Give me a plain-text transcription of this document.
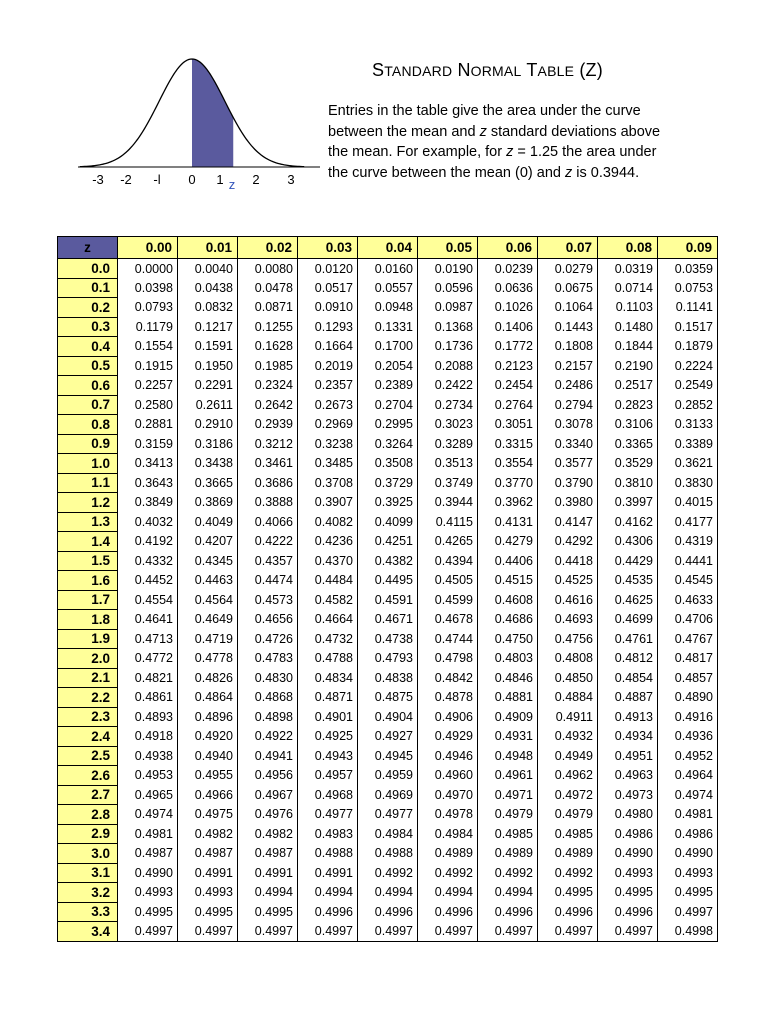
-3 -2 -l 0 1 2 3
z
STANDARD NORMAL TABLE (Z)
Entries in the table give the area under the curve
between the mean and z standard deviations above
the mean. For example, for z = 1.25 the area under
the curve between the mean (0) and z is 0.3944.
z	0.00	0.01	0.02	0.03	0.04	0.05	0.06	0.07	0.08	0.09
0.0	0.0000	0.0040	0.0080	0.0120	0.0160	0.0190	0.0239	0.0279	0.0319	0.0359
0.1	0.0398	0.0438	0.0478	0.0517	0.0557	0.0596	0.0636	0.0675	0.0714	0.0753
0.2	0.0793	0.0832	0.0871	0.0910	0.0948	0.0987	0.1026	0.1064	0.1103	0.1141
0.3	0.1179	0.1217	0.1255	0.1293	0.1331	0.1368	0.1406	0.1443	0.1480	0.1517
0.4	0.1554	0.1591	0.1628	0.1664	0.1700	0.1736	0.1772	0.1808	0.1844	0.1879
0.5	0.1915	0.1950	0.1985	0.2019	0.2054	0.2088	0.2123	0.2157	0.2190	0.2224
0.6	0.2257	0.2291	0.2324	0.2357	0.2389	0.2422	0.2454	0.2486	0.2517	0.2549
0.7	0.2580	0.2611	0.2642	0.2673	0.2704	0.2734	0.2764	0.2794	0.2823	0.2852
0.8	0.2881	0.2910	0.2939	0.2969	0.2995	0.3023	0.3051	0.3078	0.3106	0.3133
0.9	0.3159	0.3186	0.3212	0.3238	0.3264	0.3289	0.3315	0.3340	0.3365	0.3389
1.0	0.3413	0.3438	0.3461	0.3485	0.3508	0.3513	0.3554	0.3577	0.3529	0.3621
1.1	0.3643	0.3665	0.3686	0.3708	0.3729	0.3749	0.3770	0.3790	0.3810	0.3830
1.2	0.3849	0.3869	0.3888	0.3907	0.3925	0.3944	0.3962	0.3980	0.3997	0.4015
1.3	0.4032	0.4049	0.4066	0.4082	0.4099	0.4115	0.4131	0.4147	0.4162	0.4177
1.4	0.4192	0.4207	0.4222	0.4236	0.4251	0.4265	0.4279	0.4292	0.4306	0.4319
1.5	0.4332	0.4345	0.4357	0.4370	0.4382	0.4394	0.4406	0.4418	0.4429	0.4441
1.6	0.4452	0.4463	0.4474	0.4484	0.4495	0.4505	0.4515	0.4525	0.4535	0.4545
1.7	0.4554	0.4564	0.4573	0.4582	0.4591	0.4599	0.4608	0.4616	0.4625	0.4633
1.8	0.4641	0.4649	0.4656	0.4664	0.4671	0.4678	0.4686	0.4693	0.4699	0.4706
1.9	0.4713	0.4719	0.4726	0.4732	0.4738	0.4744	0.4750	0.4756	0.4761	0.4767
2.0	0.4772	0.4778	0.4783	0.4788	0.4793	0.4798	0.4803	0.4808	0.4812	0.4817
2.1	0.4821	0.4826	0.4830	0.4834	0.4838	0.4842	0.4846	0.4850	0.4854	0.4857
2.2	0.4861	0.4864	0.4868	0.4871	0.4875	0.4878	0.4881	0.4884	0.4887	0.4890
2.3	0.4893	0.4896	0.4898	0.4901	0.4904	0.4906	0.4909	0.4911	0.4913	0.4916
2.4	0.4918	0.4920	0.4922	0.4925	0.4927	0.4929	0.4931	0.4932	0.4934	0.4936
2.5	0.4938	0.4940	0.4941	0.4943	0.4945	0.4946	0.4948	0.4949	0.4951	0.4952
2.6	0.4953	0.4955	0.4956	0.4957	0.4959	0.4960	0.4961	0.4962	0.4963	0.4964
2.7	0.4965	0.4966	0.4967	0.4968	0.4969	0.4970	0.4971	0.4972	0.4973	0.4974
2.8	0.4974	0.4975	0.4976	0.4977	0.4977	0.4978	0.4979	0.4979	0.4980	0.4981
2.9	0.4981	0.4982	0.4982	0.4983	0.4984	0.4984	0.4985	0.4985	0.4986	0.4986
3.0	0.4987	0.4987	0.4987	0.4988	0.4988	0.4989	0.4989	0.4989	0.4990	0.4990
3.1	0.4990	0.4991	0.4991	0.4991	0.4992	0.4992	0.4992	0.4992	0.4993	0.4993
3.2	0.4993	0.4993	0.4994	0.4994	0.4994	0.4994	0.4994	0.4995	0.4995	0.4995
3.3	0.4995	0.4995	0.4995	0.4996	0.4996	0.4996	0.4996	0.4996	0.4996	0.4997
3.4	0.4997	0.4997	0.4997	0.4997	0.4997	0.4997	0.4997	0.4997	0.4997	0.4998
